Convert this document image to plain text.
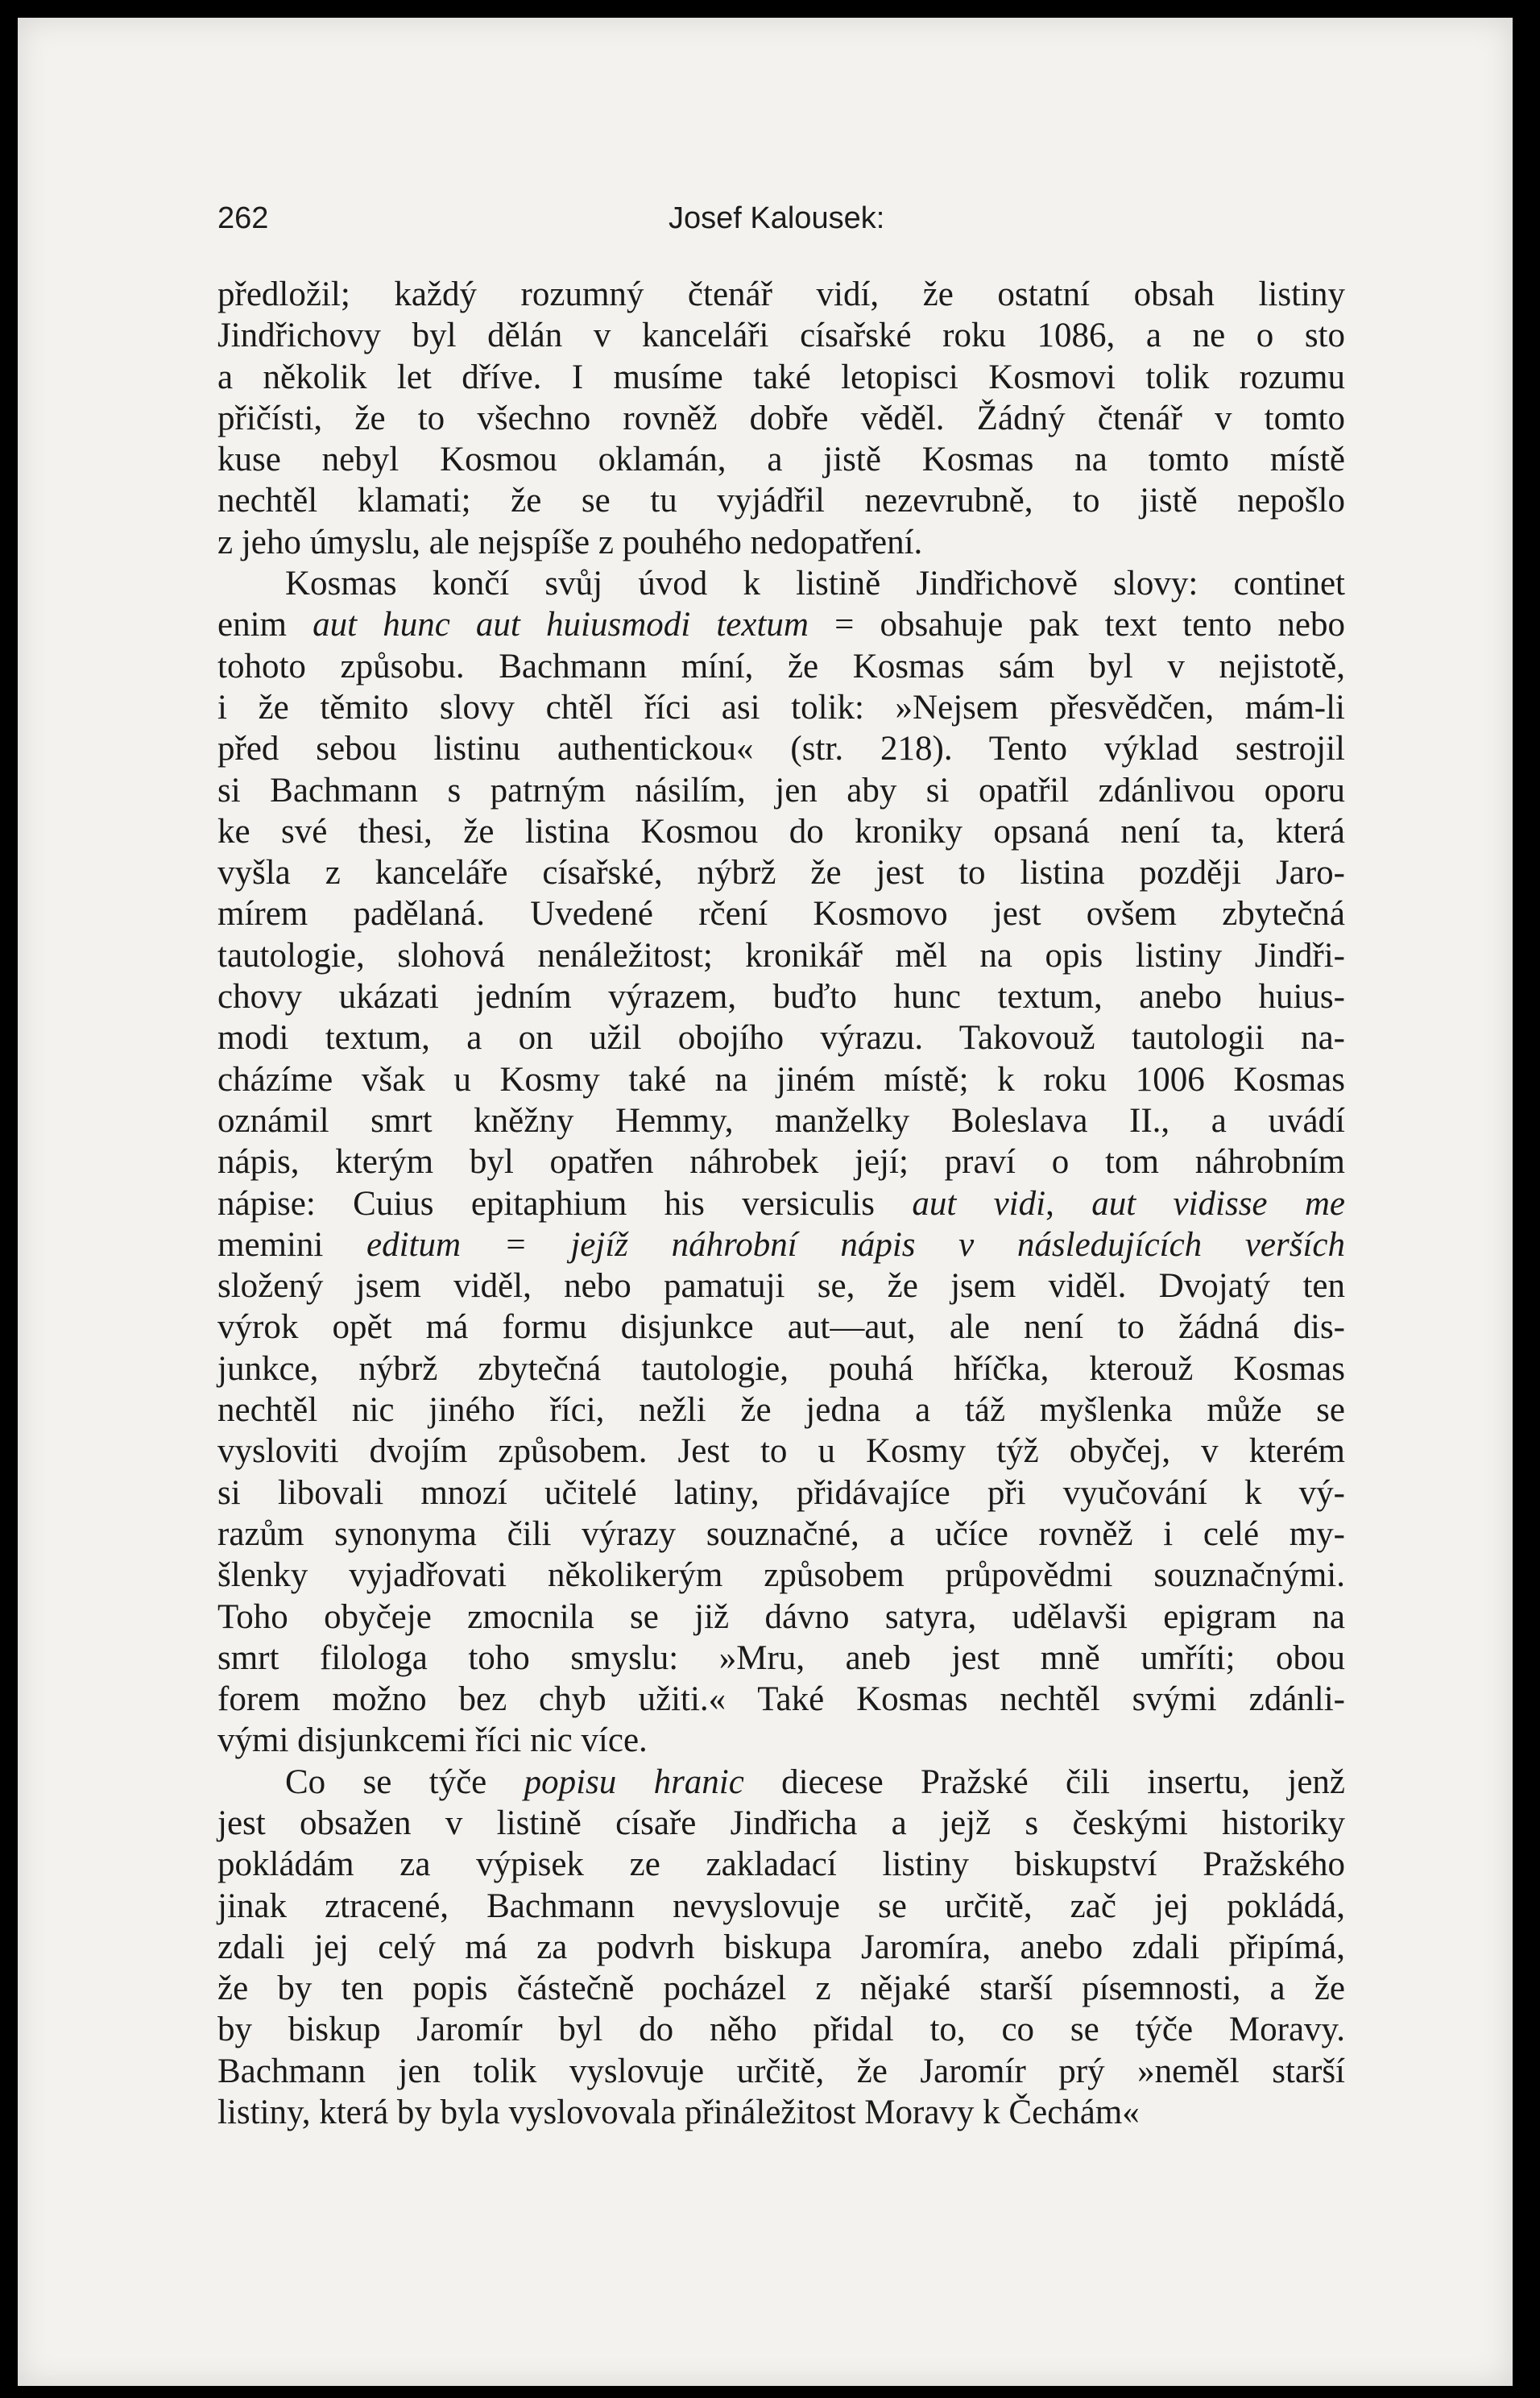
262	Josef Kalousek:

předložil; každý rozumný čtenář vidí, že ostatní obsah listiny
Jindřichovy byl dělán v kanceláři císařské roku 1086, a ne o sto
a několik let dříve. I musíme také letopisci Kosmovi tolik rozumu
přičísti, že to všechno rovněž dobře věděl. Žádný čtenář v tomto
kuse nebyl Kosmou oklamán, a jistě Kosmas na tomto místě
nechtěl klamati; že se tu vyjádřil nezevrubně, to jistě nepošlo
z jeho úmyslu, ale nejspíše z pouhého nedopatření.

Kosmas končí svůj úvod k listině Jindřichově slovy: continet
enim aut hunc aut huiusmodi textum = obsahuje pak text tento nebo
tohoto způsobu. Bachmann míní, že Kosmas sám byl v nejistotě,
i že těmito slovy chtěl říci asi tolik: »Nejsem přesvědčen, mám-li
před sebou listinu authentickou« (str. 218). Tento výklad sestrojil
si Bachmann s patrným násilím, jen aby si opatřil zdánlivou oporu
ke své thesi, že listina Kosmou do kroniky opsaná není ta, která
vyšla z kanceláře císařské, nýbrž že jest to listina později Jaro-
mírem padělaná. Uvedené rčení Kosmovo jest ovšem zbytečná
tautologie, slohová nenáležitost; kronikář měl na opis listiny Jindři-
chovy ukázati jedním výrazem, buďto hunc textum, anebo huius-
modi textum, a on užil obojího výrazu. Takovouž tautologii na-
cházíme však u Kosmy také na jiném místě; k roku 1006 Kosmas
oznámil smrt kněžny Hemmy, manželky Boleslava II., a uvádí
nápis, kterým byl opatřen náhrobek její; praví o tom náhrobním
nápise: Cuius epitaphium his versiculis aut vidi, aut vidisse me
memini editum = jejíž náhrobní nápis v následujících verších
složený jsem viděl, nebo pamatuji se, že jsem viděl. Dvojatý ten
výrok opět má formu disjunkce aut—aut, ale není to žádná dis-
junkce, nýbrž zbytečná tautologie, pouhá hříčka, kterouž Kosmas
nechtěl nic jiného říci, nežli že jedna a táž myšlenka může se
vysloviti dvojím způsobem. Jest to u Kosmy týž obyčej, v kterém
si libovali mnozí učitelé latiny, přidávajíce při vyučování k vý-
razům synonyma čili výrazy souznačné, a učíce rovněž i celé my-
šlenky vyjadřovati několikerým způsobem průpovědmi souznačnými.
Toho obyčeje zmocnila se již dávno satyra, udělavši epigram na
smrt filologa toho smyslu: »Mru, aneb jest mně umříti; obou
forem možno bez chyb užiti.« Také Kosmas nechtěl svými zdánli-
vými disjunkcemi říci nic více.

Co se týče popisu hranic diecese Pražské čili insertu, jenž
jest obsažen v listině císaře Jindřicha a jejž s českými historiky
pokládám za výpisek ze zakladací listiny biskupství Pražského
jinak ztracené, Bachmann nevyslovuje se určitě, zač jej pokládá,
zdali jej celý má za podvrh biskupa Jaromíra, anebo zdali připímá,
že by ten popis částečně pocházel z nějaké starší písemnosti, a že
by biskup Jaromír byl do něho přidal to, co se týče Moravy.
Bachmann jen tolik vyslovuje určitě, že Jaromír prý »neměl starší
listiny, která by byla vyslovovala přináležitost Moravy k Čechám«
